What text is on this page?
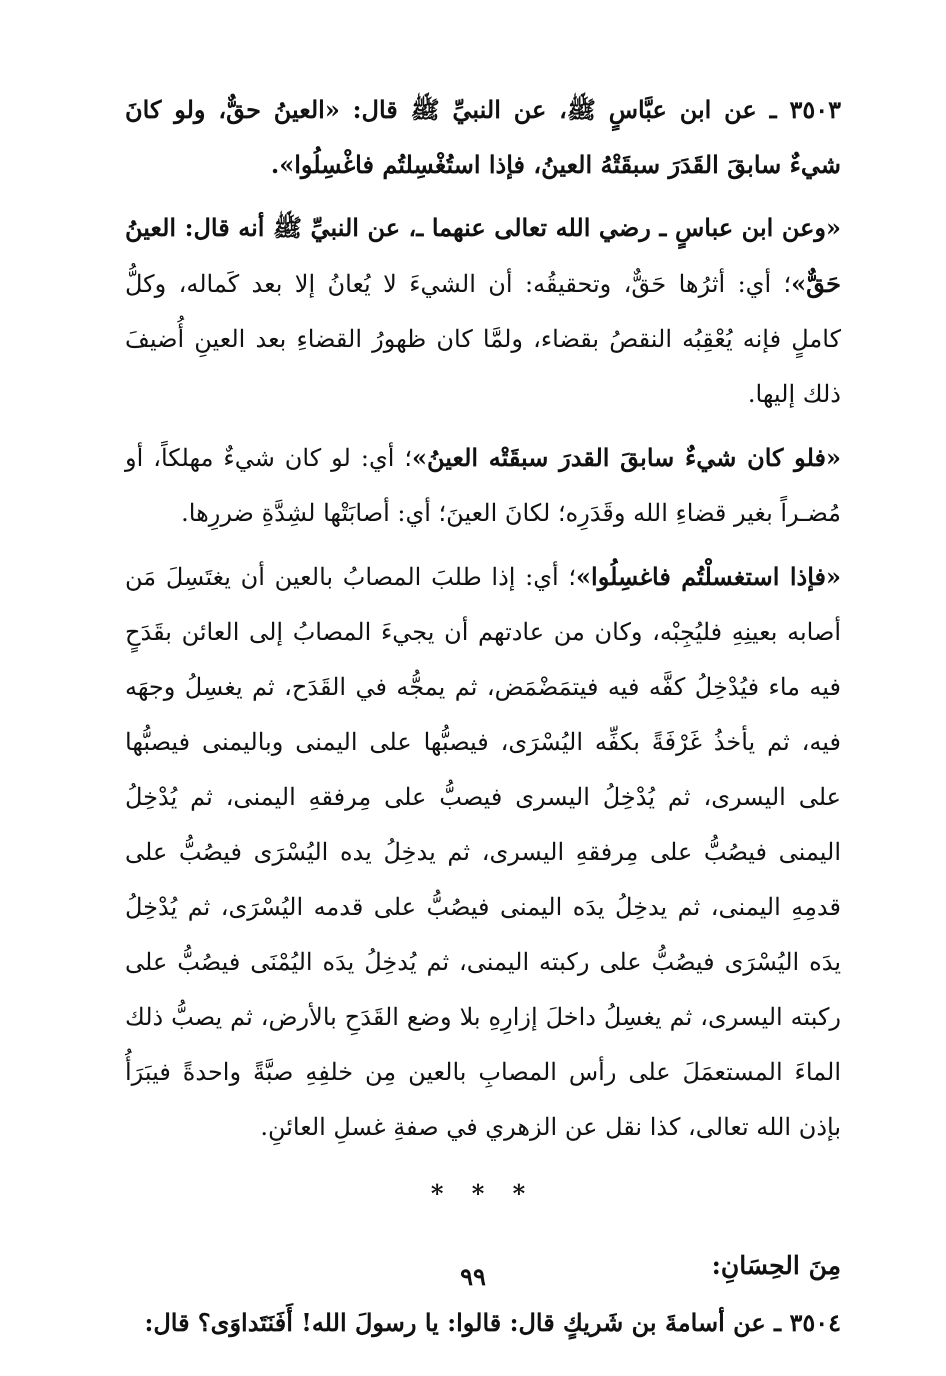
٣٥٠٣ ـ عن ابن عبَّاسٍ ﷺ، عن النبيِّ ﷺ قال: «العينُ حقٌّ، ولو كانَ شيءٌ سابقَ القَدَرَ سبقَتْهُ العينُ، فإذا استُغْسِلتُم فاغْسِلُوا».

«وعن ابن عباسٍ ـ رضي الله تعالى عنهما ـ، عن النبيِّ ﷺ أنه قال: العينُ حَقٌّ»؛ أي: أثرُها حَقٌّ، وتحقيقُه: أن الشيءَ لا يُعانُ إلا بعد كَماله، وكلُّ كاملٍ فإنه يُعْقِبُه النقصُ بقضاء، ولمَّا كان ظهورُ القضاءِ بعد العينِ أُضيفَ ذلك إليها.

«فلو كان شيءٌ سابقَ القدرَ سبقَتْه العينُ»؛ أي: لو كان شيءٌ مهلكاً، أو مُضـراً بغير قضاءِ الله وقَدَرِه؛ لكانَ العينَ؛ أي: أصابَتْها لشِدَّةِ ضررِها.

«فإذا استغسلْتُم فاغسِلُوا»؛ أي: إذا طلبَ المصابُ بالعين أن يغتَسِلَ مَن أصابه بعينِهِ فليُجِبْه، وكان من عادتهم أن يجيءَ المصابُ إلى العائن بقَدَحٍ فيه ماء فيُدْخِلُ كفَّه فيه فيتمَضْمَض، ثم يمجُّه في القَدَح، ثم يغسِلُ وجهَه فيه، ثم يأخذُ غَرْفَةً بكفِّه اليُسْرَى، فيصبُّها على اليمنى وباليمنى فيصبُّها على اليسرى، ثم يُدْخِلُ اليسرى فيصبُّ على مِرفقهِ اليمنى، ثم يُدْخِلُ اليمنى فيصُبُّ على مِرفقهِ اليسرى، ثم يدخِلُ يده اليُسْرَى فيصُبُّ على قدمِهِ اليمنى، ثم يدخِلُ يدَه اليمنى فيصُبُّ على قدمه اليُسْرَى، ثم يُدْخِلُ يدَه اليُسْرَى فيصُبُّ على ركبته اليمنى، ثم يُدخِلُ يدَه اليُمْنَى فيصُبُّ على ركبته اليسرى، ثم يغسِلُ داخلَ إزارِهِ بلا وضع القَدَحِ بالأرض، ثم يصبُّ ذلك الماءَ المستعمَلَ على رأس المصابِ بالعين مِن خلفِهِ صبَّةً واحدةً فيبَرَأُ بإذن الله تعالى، كذا نقل عن الزهري في صفةِ غسلِ العائنِ.

* * *
مِنَ الحِسَانِ:

٣٥٠٤ ـ عن أسامةَ بن شَريكٍ قال: قالوا: يا رسولَ الله! أَفَنَتَداوَى؟ قال:

٩٩
